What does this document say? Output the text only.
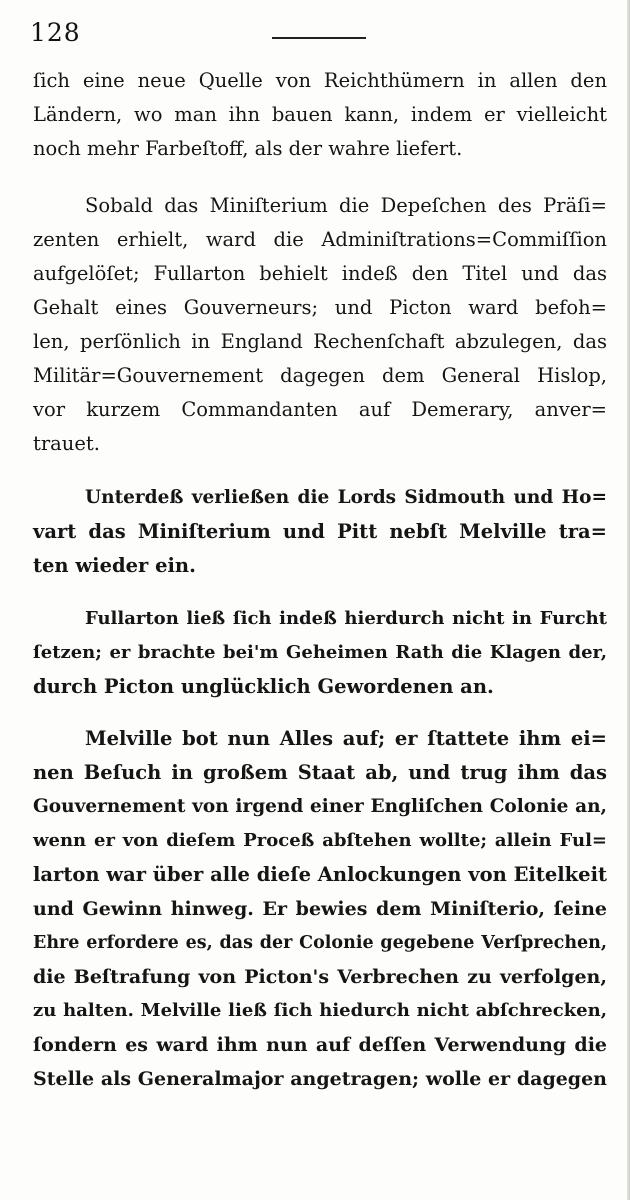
128
ſich eine neue Quelle von Reichthümern in allen den
Ländern, wo man ihn bauen kann, indem er vielleicht
noch mehr Farbeſtoff, als der wahre liefert.
Sobald das Miniſterium die Depeſchen des Präſi=
zenten erhielt, ward die Adminiſtrations=Commiſſion
aufgelöſet; Fullarton behielt indeß den Titel und das
Gehalt eines Gouverneurs; und Picton ward befoh=
len, perſönlich in England Rechenſchaft abzulegen, das
Militär=Gouvernement dagegen dem General Hislop,
vor kurzem Commandanten auf Demerary, anver=
trauet.
Unterdeß verließen die Lords Sidmouth und Ho=
vart das Miniſterium und Pitt nebſt Melville tra=
ten wieder ein.
Fullarton ließ ſich indeß hierdurch nicht in Furcht
ſetzen; er brachte bei'm Geheimen Rath die Klagen der,
durch Picton unglücklich Gewordenen an.
Melville bot nun Alles auf; er ſtattete ihm ei=
nen Beſuch in großem Staat ab, und trug ihm das
Gouvernement von irgend einer Engliſchen Colonie an,
wenn er von dieſem Proceß abſtehen wollte; allein Ful=
larton war über alle dieſe Anlockungen von Eitelkeit
und Gewinn hinweg. Er bewies dem Miniſterio, ſeine
Ehre erfordere es, das der Colonie gegebene Verſprechen,
die Beſtrafung von Picton's Verbrechen zu verfolgen,
zu halten. Melville ließ ſich hiedurch nicht abſchrecken,
ſondern es ward ihm nun auf deſſen Verwendung die
Stelle als Generalmajor angetragen; wolle er dagegen
